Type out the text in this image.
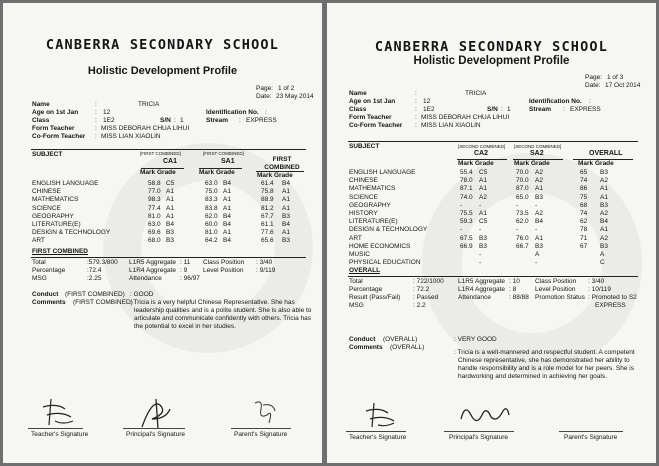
CANBERRA SECONDARY SCHOOL
Holistic Development Profile
Page: 1 of 2
Date: 23 May 2014
Name	:	TRICIA
Age on 1st Jan	: 12	Identification No. :
Class	: 1E2	S/N : 1	Stream : EXPRESS
Form Teacher	: MISS DEBORAH CHUA LIHUI
Co-Form Teacher : MISS LIAN XIAOLIN
SUBJECT	[FIRST COMBINED]	[FIRST COMBINED]
CA1	SA1	FIRST COMBINED
Mark Grade	Mark Grade	Mark Grade
ENGLISH LANGUAGE	58.8 C5	63.0 B4	61.4 B4
CHINESE	77.0 A1	75.0 A1	75.8 A1
MATHEMATICS	98.3 A1	83.3 A1	88.9 A1
SCIENCE	77.4 A1	83.8 A1	81.2 A1
GEOGRAPHY	81.0 A1	62.0 B4	67.7 B3
LITERATURE(E)	63.0 B4	60.0 B4	61.1 B4
DESIGN & TECHNOLOGY	69.6 B3	81.0 A1	77.6 A1
ART	68.0 B3	64.2 B4	65.6 B3
FIRST COMBINED
Total	:579.3/800 L1R5 Aggregate : 11 Class Position : 3/40
Percentage	:72.4	L1R4 Aggregate : 9 Level Position : 9/119
MSG	:2.25	Attendance	: 96/97
Conduct (FIRST COMBINED) : GOOD
Comments (FIRST COMBINED)
: Tricia is a very helpful Chinese Representative. She has
leadership qualities and is a polite student. She is also able to
articulate and communicate confidently with others. Tricia has
the potential to excel in her studies.
Teacher's Signature	Principal's Signature	Parent's Signature
CANBERRA SECONDARY SCHOOL
Holistic Development Profile
Page: 1 of 3
Date: 17 Oct 2014
Name	:	TRICIA
Age on 1st Jan	: 12	Identification No. :
Class	: 1E2	S/N : 1	Stream : EXPRESS
Form Teacher	: MISS DEBORAH CHUA LIHUI
Co-Form Teacher : MISS LIAN XIAOLIN
SUBJECT	[SECOND COMBINED] [SECOND COMBINED]
CA2	SA2	OVERALL
Mark Grade	Mark Grade	Mark Grade
ENGLISH LANGUAGE	55.4 C5	70.0 A2	65 B3
CHINESE	78.0 A1	70.0 A2	74 A2
MATHEMATICS	87.1 A1	87.0 A1	86 A1
SCIENCE	74.0 A2	65.0 B3	75 A1
GEOGRAPHY	-	-	-	-	68 B3
HISTORY	75.5 A1	73.5 A2	74 A2
LITERATURE(E)	59.3 C5	62.0 B4	62 B4
DESIGN & TECHNOLOGY	-	-	-	-	78 A1
ART	67.5 B3	76.0 A1	71 A2
HOME ECONOMICS	66.9 B3	66.7 B3	67 B3
MUSIC	-	A	A
PHYSICAL EDUCATION	-	-	C
OVERALL
Total	: 722/1000 L1R5 Aggregate : 10 Class Position : 3/40
Percentage	: 72.2	L1R4 Aggregate : 8	Level Position : 10/119
Result (Pass/Fail) : Passed	Attendance	: 88/88 Promotion Status : Promoted to S2
MSG	: 2.2	EXPRESS
Conduct (OVERALL)	: VERY GOOD
Comments (OVERALL)
: Tricia is a well-mannered and respectful student. A competent
Chinese representative, she has demonstrated her ability to
handle responsibility and is a role model for her peers. She is
hardworking and determined in achieving her goals.
Teacher's Signature	Principal's Signature	Parent's Signature
